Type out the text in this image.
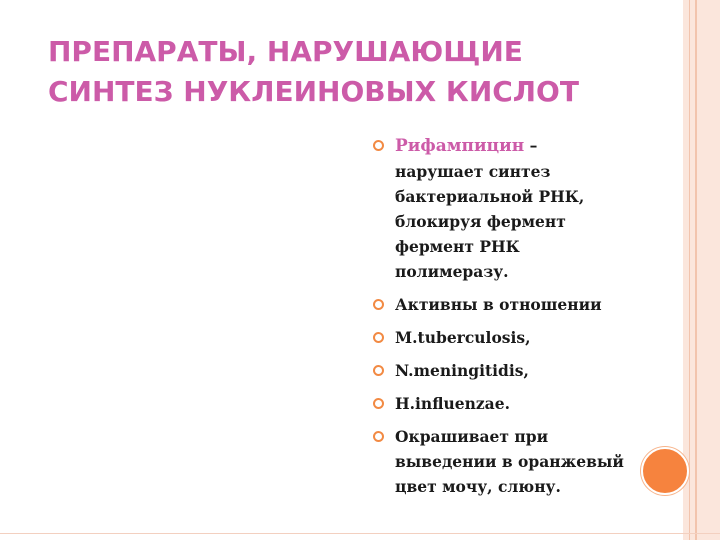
ПРЕПАРАТЫ, НАРУШАЮЩИЕ
СИНТЕЗ НУКЛЕИНОВЫХ КИСЛОТ
Рифампицин –
нарушает синтез
бактериальной РНК,
блокируя фермент
фермент РНК
полимеразу.
Активны в отношении
M.tuberculosis,
N.meningitidis,
H.influenzae.
Окрашивает при
выведении в оранжевый
цвет мочу, слюну.
